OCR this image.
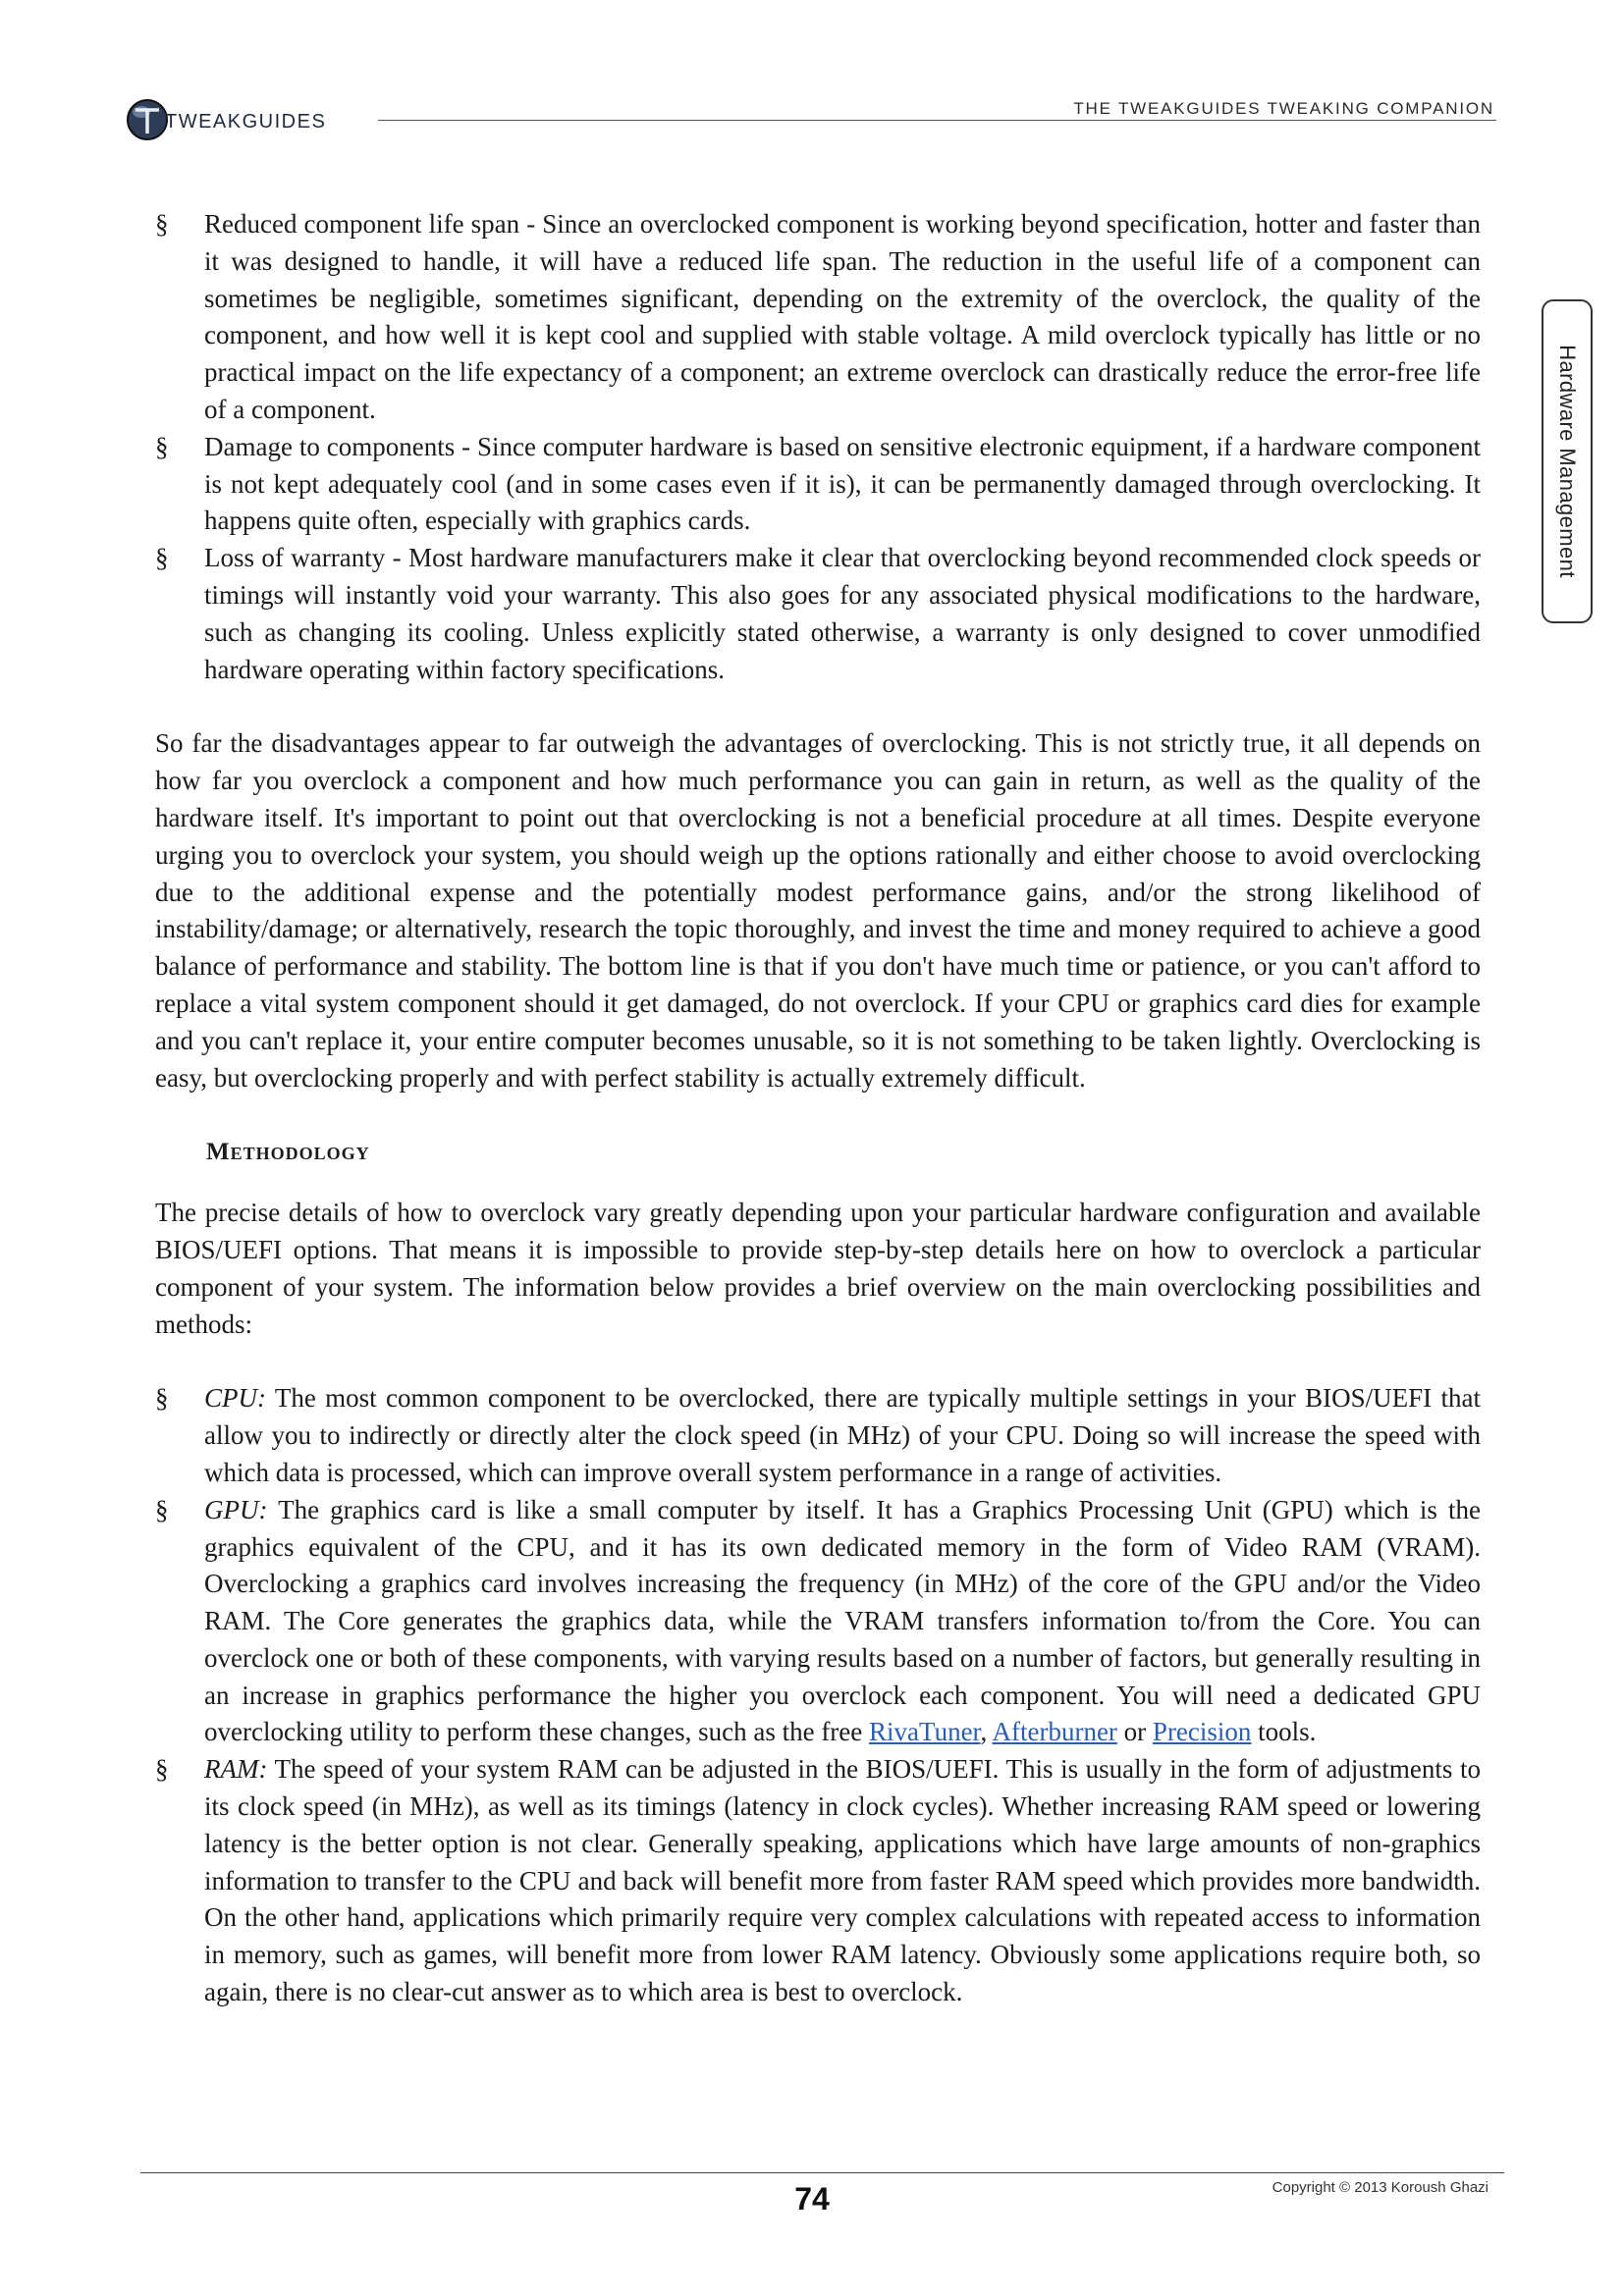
TWEAKGUIDES
THE TWEAKGUIDES TWEAKING COMPANION
Hardware Management
§ Reduced component life span - Since an overclocked component is working beyond specification, hotter and faster than it was designed to handle, it will have a reduced life span. The reduction in the useful life of a component can sometimes be negligible, sometimes significant, depending on the extremity of the overclock, the quality of the component, and how well it is kept cool and supplied with stable voltage. A mild overclock typically has little or no practical impact on the life expectancy of a component; an extreme overclock can drastically reduce the error-free life of a component.
§ Damage to components - Since computer hardware is based on sensitive electronic equipment, if a hardware component is not kept adequately cool (and in some cases even if it is), it can be permanently damaged through overclocking. It happens quite often, especially with graphics cards.
§ Loss of warranty - Most hardware manufacturers make it clear that overclocking beyond recommended clock speeds or timings will instantly void your warranty. This also goes for any associated physical modifications to the hardware, such as changing its cooling. Unless explicitly stated otherwise, a warranty is only designed to cover unmodified hardware operating within factory specifications.

So far the disadvantages appear to far outweigh the advantages of overclocking. This is not strictly true, it all depends on how far you overclock a component and how much performance you can gain in return, as well as the quality of the hardware itself. It's important to point out that overclocking is not a beneficial procedure at all times. Despite everyone urging you to overclock your system, you should weigh up the options rationally and either choose to avoid overclocking due to the additional expense and the potentially modest performance gains, and/or the strong likelihood of instability/damage; or alternatively, research the topic thoroughly, and invest the time and money required to achieve a good balance of performance and stability. The bottom line is that if you don't have much time or patience, or you can't afford to replace a vital system component should it get damaged, do not overclock. If your CPU or graphics card dies for example and you can't replace it, your entire computer becomes unusable, so it is not something to be taken lightly. Overclocking is easy, but overclocking properly and with perfect stability is actually extremely difficult.

Methodology

The precise details of how to overclock vary greatly depending upon your particular hardware configuration and available BIOS/UEFI options. That means it is impossible to provide step-by-step details here on how to overclock a particular component of your system. The information below provides a brief overview on the main overclocking possibilities and methods:

§ CPU: The most common component to be overclocked, there are typically multiple settings in your BIOS/UEFI that allow you to indirectly or directly alter the clock speed (in MHz) of your CPU. Doing so will increase the speed with which data is processed, which can improve overall system performance in a range of activities.
§ GPU: The graphics card is like a small computer by itself. It has a Graphics Processing Unit (GPU) which is the graphics equivalent of the CPU, and it has its own dedicated memory in the form of Video RAM (VRAM). Overclocking a graphics card involves increasing the frequency (in MHz) of the core of the GPU and/or the Video RAM. The Core generates the graphics data, while the VRAM transfers information to/from the Core. You can overclock one or both of these components, with varying results based on a number of factors, but generally resulting in an increase in graphics performance the higher you overclock each component. You will need a dedicated GPU overclocking utility to perform these changes, such as the free RivaTuner, Afterburner or Precision tools.
§ RAM: The speed of your system RAM can be adjusted in the BIOS/UEFI. This is usually in the form of adjustments to its clock speed (in MHz), as well as its timings (latency in clock cycles). Whether increasing RAM speed or lowering latency is the better option is not clear. Generally speaking, applications which have large amounts of non-graphics information to transfer to the CPU and back will benefit more from faster RAM speed which provides more bandwidth. On the other hand, applications which primarily require very complex calculations with repeated access to information in memory, such as games, will benefit more from lower RAM latency. Obviously some applications require both, so again, there is no clear-cut answer as to which area is best to overclock.
74	Copyright © 2013 Koroush Ghazi
